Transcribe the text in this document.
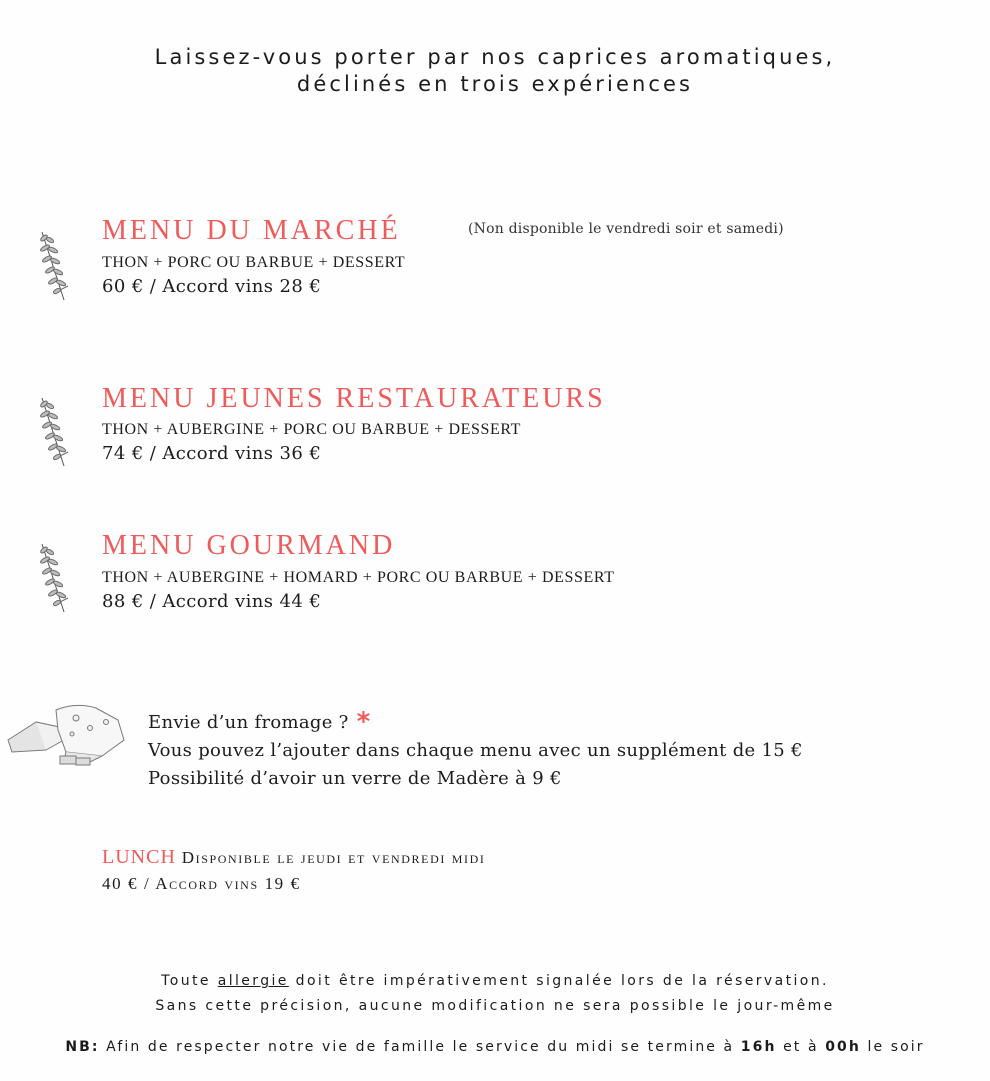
Laissez-vous porter par nos caprices aromatiques,
déclinés en trois expériences
MENU DU MARCHÉ	(Non disponible le vendredi soir et samedi)
THON + PORC OU BARBUE + DESSERT
60 € / Accord vins 28 €
MENU JEUNES RESTAURATEURS
THON + AUBERGINE + PORC OU BARBUE + DESSERT
74 € / Accord vins 36 €
MENU GOURMAND
THON + AUBERGINE + HOMARD + PORC OU BARBUE + DESSERT
88 € / Accord vins 44 €
Envie d’un fromage ? *
Vous pouvez l’ajouter dans chaque menu avec un supplément de 15 €
Possibilité d’avoir un verre de Madère à 9 €
LUNCH Disponible le jeudi et vendredi midi
40 € / Accord vins 19 €
Toute allergie doit être impérativement signalée lors de la réservation.
Sans cette précision, aucune modification ne sera possible le jour-même
NB: Afin de respecter notre vie de famille le service du midi se termine à 16h et à 00h le soir
